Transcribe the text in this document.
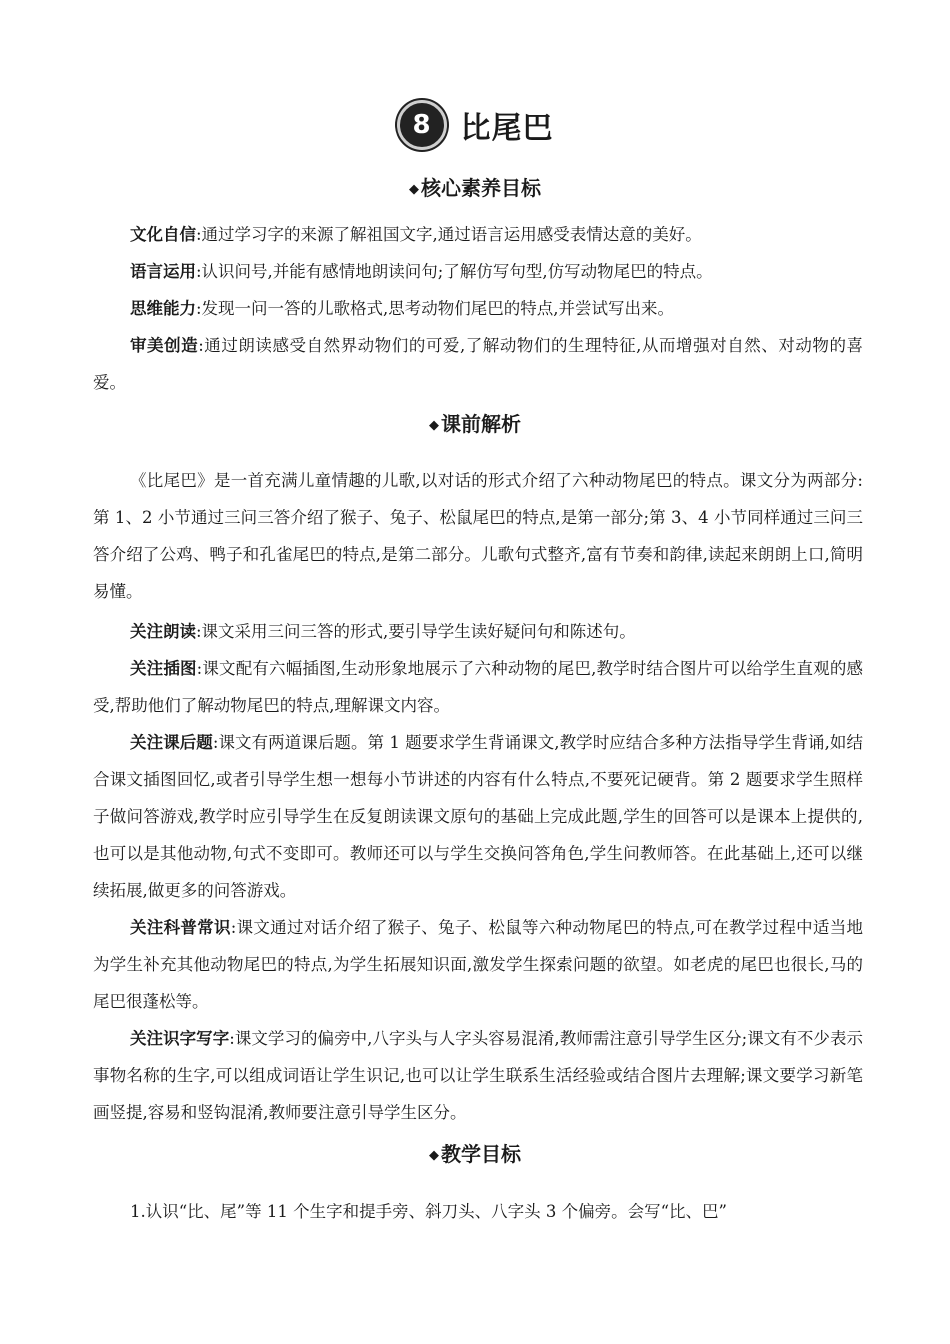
8 比尾巴
◆ 核心素养目标

文化自信:通过学习字的来源了解祖国文字,通过语言运用感受表情达意的美好。

语言运用:认识问号,并能有感情地朗读问句;了解仿写句型,仿写动物尾巴的特点。

思维能力:发现一问一答的儿歌格式,思考动物们尾巴的特点,并尝试写出来。

审美创造:通过朗读感受自然界动物们的可爱,了解动物们的生理特征,从而增强对自然、对动物的喜爱。

◆ 课前解析

《比尾巴》是一首充满儿童情趣的儿歌,以对话的形式介绍了六种动物尾巴的特点。课文分为两部分:第 1、2 小节通过三问三答介绍了猴子、兔子、松鼠尾巴的特点,是第一部分;第 3、4 小节同样通过三问三答介绍了公鸡、鸭子和孔雀尾巴的特点,是第二部分。儿歌句式整齐,富有节奏和韵律,读起来朗朗上口,简明易懂。

关注朗读:课文采用三问三答的形式,要引导学生读好疑问句和陈述句。

关注插图:课文配有六幅插图,生动形象地展示了六种动物的尾巴,教学时结合图片可以给学生直观的感受,帮助他们了解动物尾巴的特点,理解课文内容。

关注课后题:课文有两道课后题。第 1 题要求学生背诵课文,教学时应结合多种方法指导学生背诵,如结合课文插图回忆,或者引导学生想一想每小节讲述的内容有什么特点,不要死记硬背。第 2 题要求学生照样子做问答游戏,教学时应引导学生在反复朗读课文原句的基础上完成此题,学生的回答可以是课本上提供的,也可以是其他动物,句式不变即可。教师还可以与学生交换问答角色,学生问教师答。在此基础上,还可以继续拓展,做更多的问答游戏。

关注科普常识:课文通过对话介绍了猴子、兔子、松鼠等六种动物尾巴的特点,可在教学过程中适当地为学生补充其他动物尾巴的特点,为学生拓展知识面,激发学生探索问题的欲望。如老虎的尾巴也很长,马的尾巴很蓬松等。

关注识字写字:课文学习的偏旁中,八字头与人字头容易混淆,教师需注意引导学生区分;课文有不少表示事物名称的生字,可以组成词语让学生识记,也可以让学生联系生活经验或结合图片去理解;课文要学习新笔画竖提,容易和竖钩混淆,教师要注意引导学生区分。

◆ 教学目标

1.认识“比、尾”等 11 个生字和提手旁、斜刀头、八字头 3 个偏旁。会写“比、巴”
